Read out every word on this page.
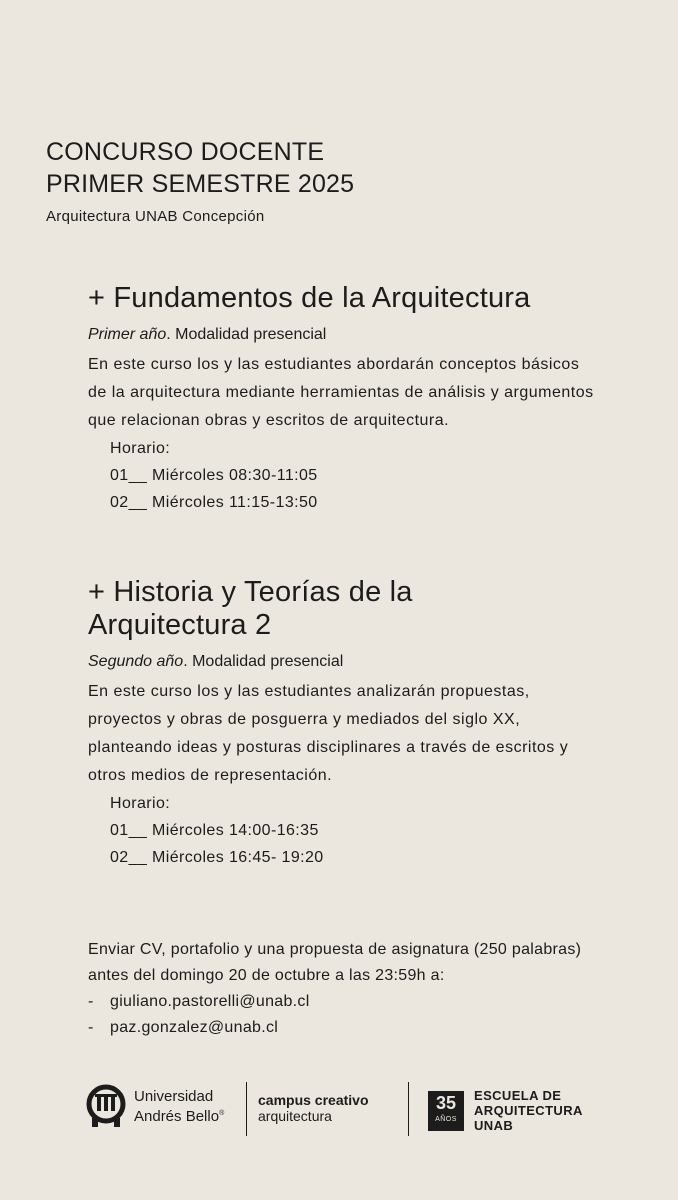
CONCURSO DOCENTE
PRIMER SEMESTRE 2025
Arquitectura UNAB Concepción
+ Fundamentos de la Arquitectura
Primer año. Modalidad presencial
En este curso los y las estudiantes abordarán conceptos básicos de la arquitectura mediante herramientas de análisis y argumentos que relacionan obras y escritos de arquitectura.
Horario:
01__ Miércoles 08:30-11:05
02__ Miércoles 11:15-13:50
+ Historia y Teorías de la
Arquitectura 2
Segundo año. Modalidad presencial
En este curso los y las estudiantes analizarán propuestas, proyectos y obras de posguerra y mediados del siglo XX, planteando ideas y posturas disciplinares a través de escritos y otros medios de representación.
Horario:
01__ Miércoles 14:00-16:35
02__ Miércoles 16:45- 19:20
Enviar CV, portafolio y una propuesta de asignatura (250 palabras) antes del domingo 20 de octubre a las 23:59h a:
-	giuliano.pastorelli@unab.cl
-	paz.gonzalez@unab.cl
Universidad
Andrés Bello®
campus creativo
arquitectura
35
AÑOS
ESCUELA DE
ARQUITECTURA
UNAB
